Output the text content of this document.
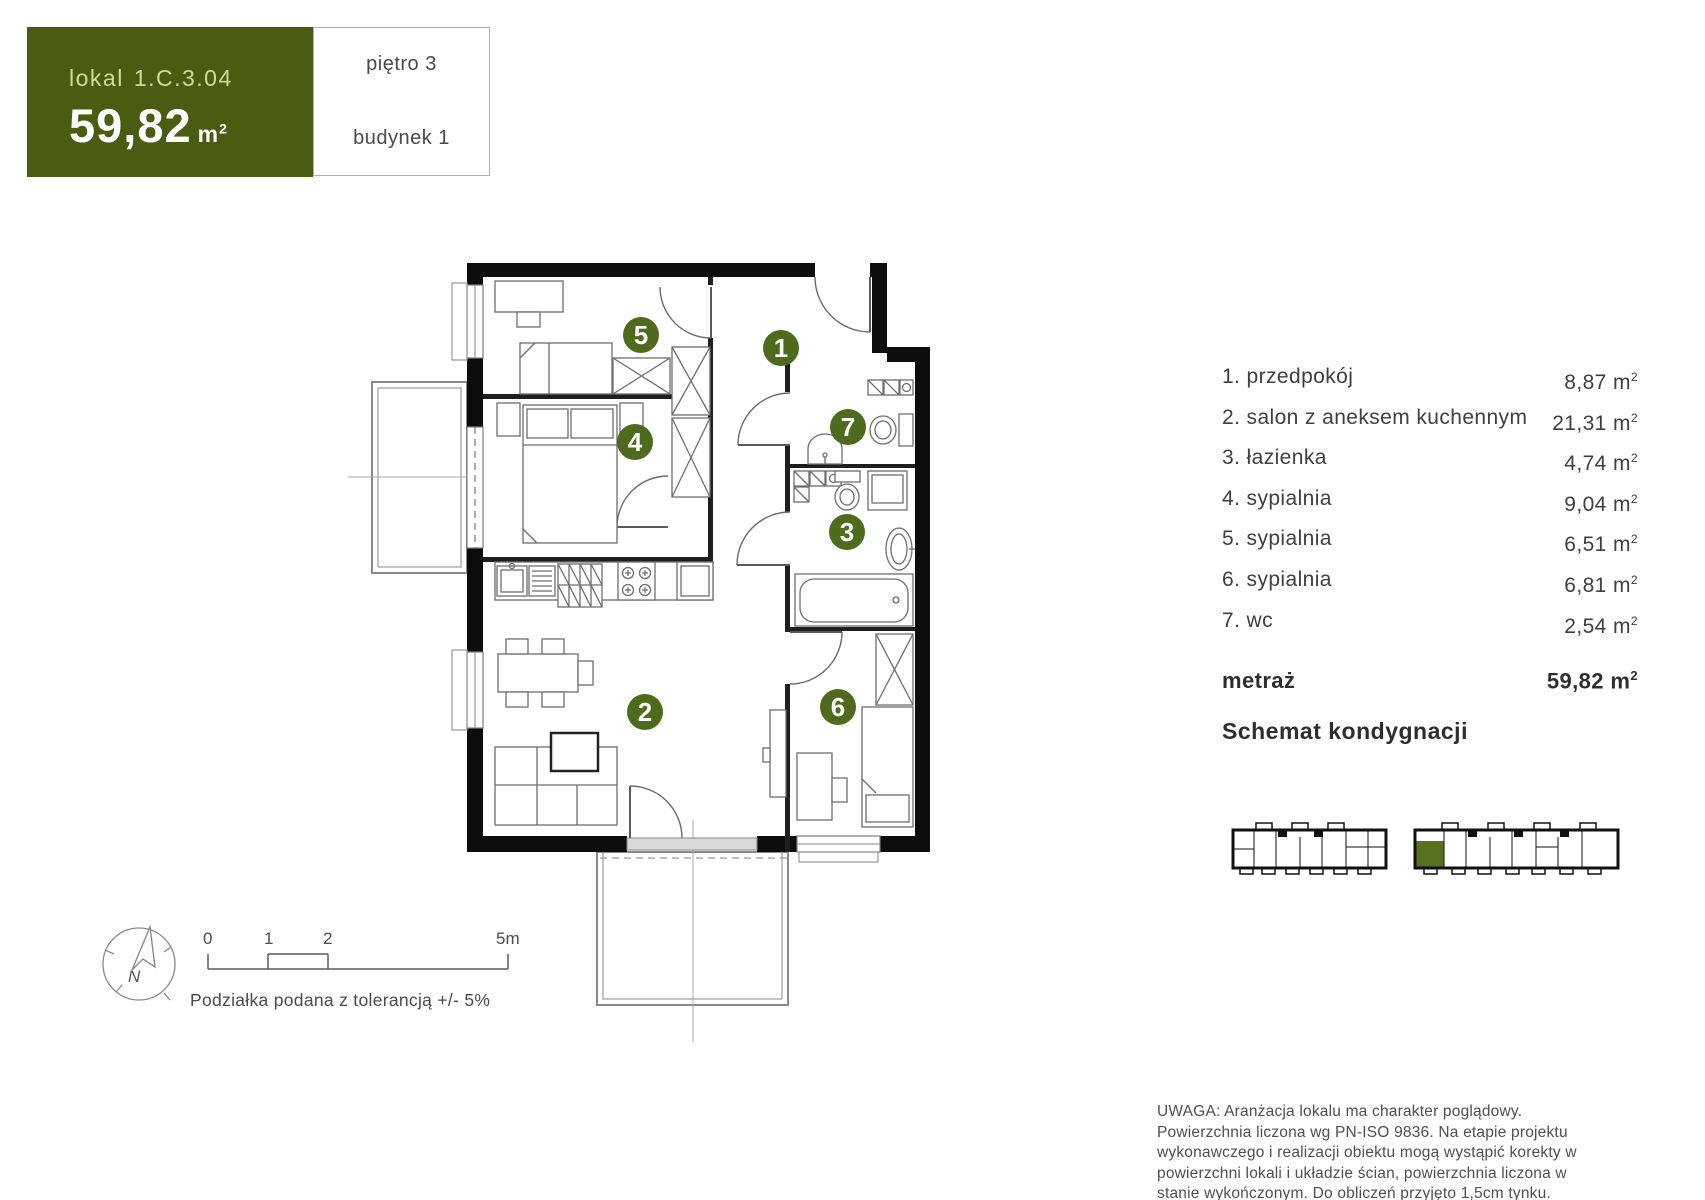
lokal 1.C.3.04
59,82 $m^2$
piętro 3
budynek 1
1
5
4	7
3
2	6
1. przedpokój	8,87 $m^2$
2. salon z aneksem kuchennym 21,31 $m^2$
3. łazienka	4,74 $m^2$
4. sypialnia	9,04 $m^2$
5. sypialnia	6,51 $m^2$
6. sypialnia	6,81 $m^2$
7. wc	2,54 $m^2$
metraż	59,82 $m^2$
Schemat kondygnacji
N
0	1	2	5m
Podziałka podana z tolerancją +/- 5%
UWAGA: Aranżacja lokalu ma charakter poglądowy. Powierzchnia liczona wg PN-ISO 9836. Na etapie projektu wykonawczego i realizacji obiektu mogą wystąpić korekty w powierzchni lokali i układzie ścian, powierzchnia liczona w stanie wykończonym. Do obliczeń przyjęto 1,5cm tynku.
